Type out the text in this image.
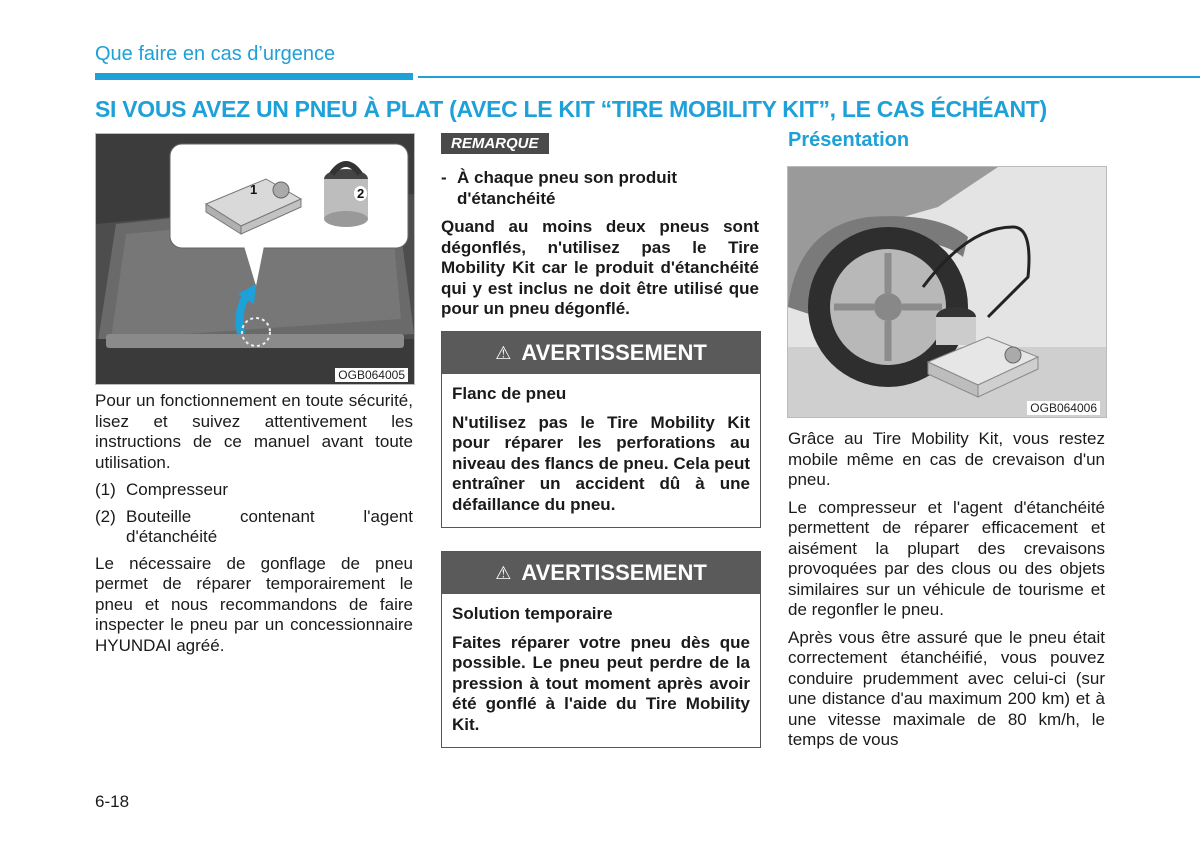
Que faire en cas d’urgence
SI VOUS AVEZ UN PNEU À PLAT (AVEC LE KIT “TIRE MOBILITY KIT”, LE CAS ÉCHÉANT)
1	2
OGB064005

Pour un fonctionnement en toute sécurité, lisez et suivez attentivement les instructions de ce manuel avant toute utilisation.

(1) Compresseur
(2) Bouteille contenant l'agent d'étanchéité

Le nécessaire de gonflage de pneu permet de réparer temporairement le pneu et nous recommandons de faire inspecter le pneu par un concessionnaire HYUNDAI agréé.

REMARQUE
- À chaque pneu son produit d'étanchéité

Quand au moins deux pneus sont dégonflés, n'utilisez pas le Tire Mobility Kit car le produit d'étanchéité qui y est inclus ne doit être utilisé que pour un pneu dégonflé.

⚠ AVERTISSEMENT
Flanc de pneu

N'utilisez pas le Tire Mobility Kit pour réparer les perforations au niveau des flancs de pneu. Cela peut entraîner un accident dû à une défaillance du pneu.

⚠ AVERTISSEMENT
Solution temporaire

Faites réparer votre pneu dès que possible. Le pneu peut perdre de la pression à tout moment après avoir été gonflé à l'aide du Tire Mobility Kit.

Présentation
OGB064006

Grâce au Tire Mobility Kit, vous restez mobile même en cas de crevaison d'un pneu.

Le compresseur et l'agent d'étanchéité permettent de réparer efficacement et aisément la plupart des crevaisons provoquées par des clous ou des objets similaires sur un véhicule de tourisme et de regonfler le pneu.

Après vous être assuré que le pneu était correctement étanchéifié, vous pouvez conduire prudemment avec celui-ci (sur une distance d'au maximum 200 km) et à une vitesse maximale de 80 km/h, le temps de vous

6-18
